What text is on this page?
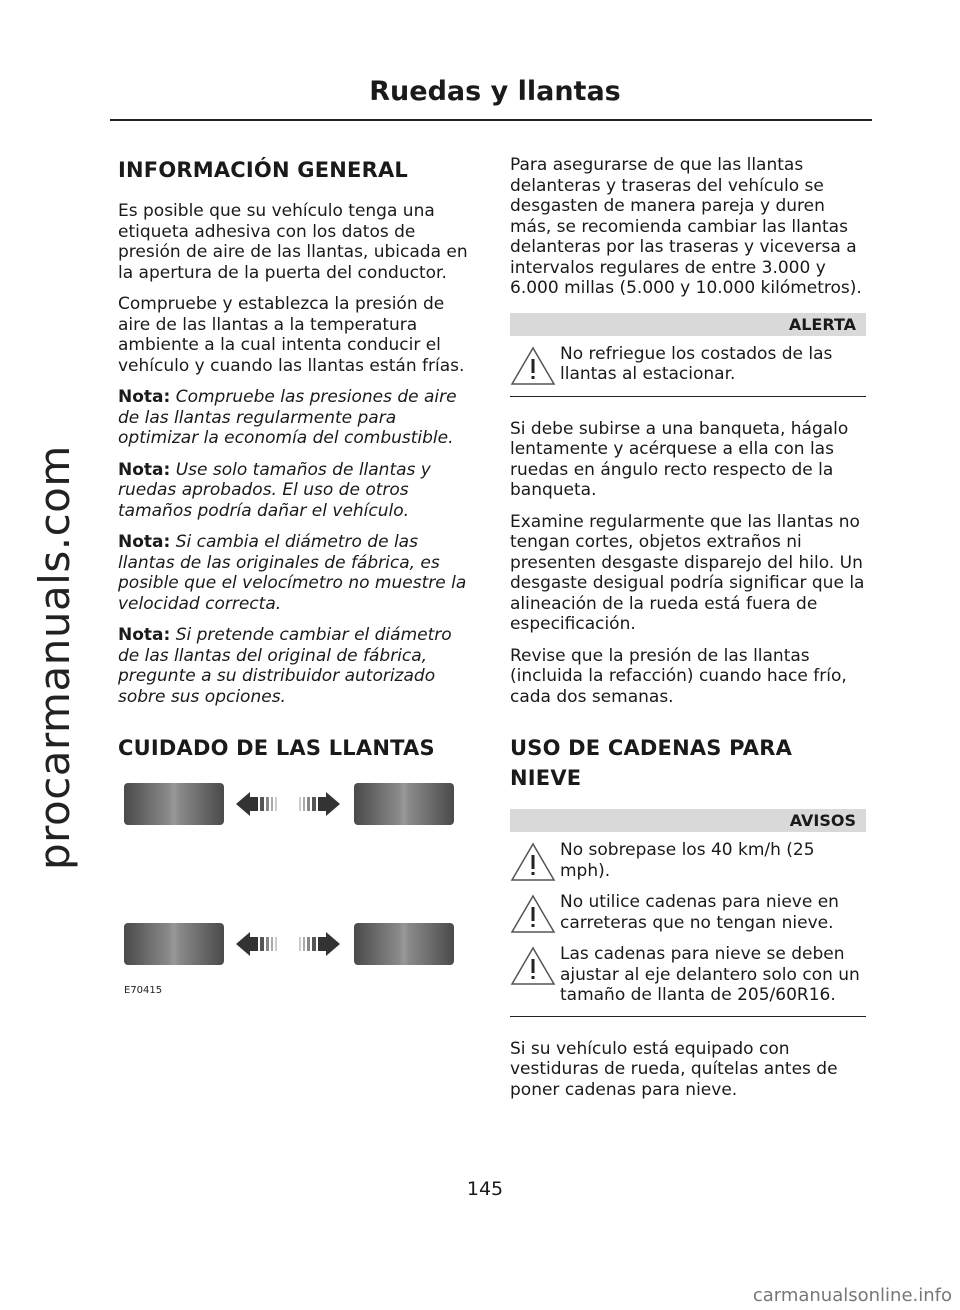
procarmanuals.com
Ruedas y llantas
INFORMACIÓN GENERAL

Es posible que su vehículo tenga una etiqueta adhesiva con los datos de presión de aire de las llantas, ubicada en la apertura de la puerta del conductor.

Compruebe y establezca la presión de aire de las llantas a la temperatura ambiente a la cual intenta conducir el vehículo y cuando las llantas están frías.

Nota: Compruebe las presiones de aire de las llantas regularmente para optimizar la economía del combustible.

Nota: Use solo tamaños de llantas y ruedas aprobados. El uso de otros tamaños podría dañar el vehículo.

Nota: Si cambia el diámetro de las llantas de las originales de fábrica, es posible que el velocímetro no muestre la velocidad correcta.

Nota: Si pretende cambiar el diámetro de las llantas del original de fábrica, pregunte a su distribuidor autorizado sobre sus opciones.

CUIDADO DE LAS LLANTAS
E70415

Para asegurarse de que las llantas delanteras y traseras del vehículo se desgasten de manera pareja y duren más, se recomienda cambiar las llantas delanteras por las traseras y viceversa a intervalos regulares de entre 3.000 y 6.000 millas (5.000 y 10.000 kilómetros).

ALERTA
No refriegue los costados de las llantas al estacionar.

Si debe subirse a una banqueta, hágalo lentamente y acérquese a ella con las ruedas en ángulo recto respecto de la banqueta.

Examine regularmente que las llantas no tengan cortes, objetos extraños ni presenten desgaste disparejo del hilo. Un desgaste desigual podría significar que la alineación de la rueda está fuera de especificación.

Revise que la presión de las llantas (incluida la refacción) cuando hace frío, cada dos semanas.

USO DE CADENAS PARA NIEVE
AVISOS
No sobrepase los 40 km/h (25 mph).
No utilice cadenas para nieve en carreteras que no tengan nieve.
Las cadenas para nieve se deben ajustar al eje delantero solo con un tamaño de llanta de 205/60R16.

Si su vehículo está equipado con vestiduras de rueda, quítelas antes de poner cadenas para nieve.

145
carmanualsonline.info
